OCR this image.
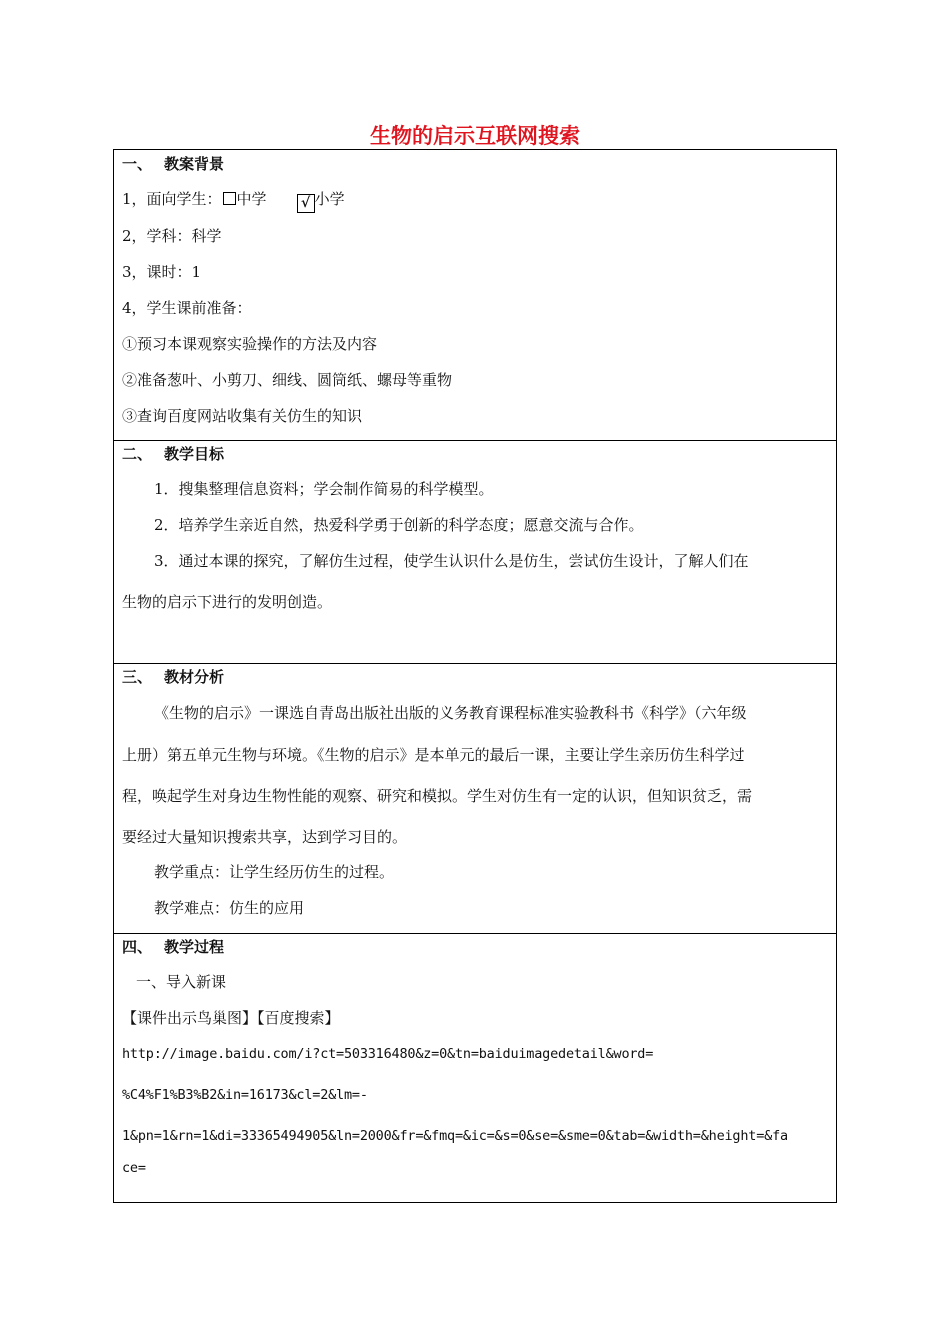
生物的启示互联网搜索
一、 教案背景
1，面向学生： 中学 √ 小学
2，学科：科学
3，课时：1
4，学生课前准备：
①预习本课观察实验操作的方法及内容
②准备葱叶、小剪刀、细线、圆筒纸、螺母等重物
③查询百度网站收集有关仿生的知识
二、 教学目标
1．搜集整理信息资料；学会制作简易的科学模型。
2．培养学生亲近自然，热爱科学勇于创新的科学态度；愿意交流与合作。
3．通过本课的探究，了解仿生过程，使学生认识什么是仿生，尝试仿生设计，了解人们在
生物的启示下进行的发明创造。
三、 教材分析
《生物的启示》一课选自青岛出版社出版的义务教育课程标准实验教科书《科学》（六年级
上册）第五单元生物与环境。《生物的启示》是本单元的最后一课，主要让学生亲历仿生科学过
程，唤起学生对身边生物性能的观察、研究和模拟。学生对仿生有一定的认识，但知识贫乏，需
要经过大量知识搜索共享，达到学习目的。
教学重点：让学生经历仿生的过程。
教学难点：仿生的应用
四、 教学过程
一、导入新课
【课件出示鸟巢图】【百度搜索】
http://image.baidu.com/i?ct=503316480&z=0&tn=baiduimagedetail&word=
%C4%F1%B3%B2&in=16173&cl=2&lm=-
1&pn=1&rn=1&di=33365494905&ln=2000&fr=&fmq=&ic=&s=0&se=&sme=0&tab=&width=&height=&fa
ce=
